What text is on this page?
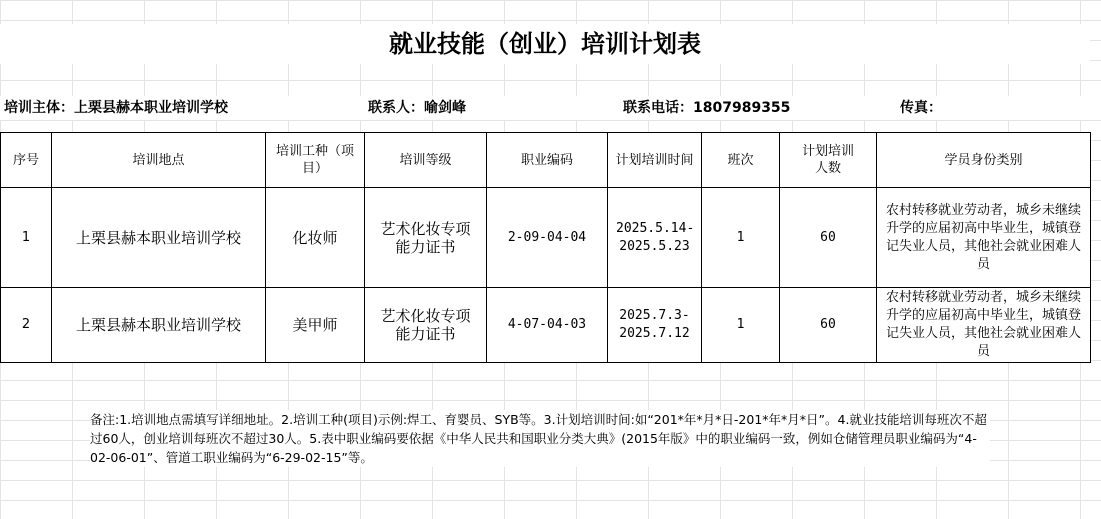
就业技能（创业）培训计划表
培训主体：上栗县赫本职业培训学校	联系人：喻剑峰	联系电话：1807989355	传真：
序号	培训地点	培训工种（项目）	培训等级	职业编码	计划培训时间	班次	计划培训人数	学员身份类别
1	上栗县赫本职业培训学校	化妆师	艺术化妆专项能力证书	2-09-04-04	2025.5.14-2025.5.23	1	60	农村转移就业劳动者，城乡未继续升学的应届初高中毕业生，城镇登记失业人员，其他社会就业困难人员
2	上栗县赫本职业培训学校	美甲师	艺术化妆专项能力证书	4-07-04-03	2025.7.3-2025.7.12	1	60	农村转移就业劳动者，城乡未继续升学的应届初高中毕业生，城镇登记失业人员，其他社会就业困难人员

备注:1.培训地点需填写详细地址。2.培训工种(项目)示例:焊工、育婴员、SYB等。3.计划培训时间:如“201*年*月*日-201*年*月*日”。4.就业技能培训每班次不超过60人，创业培训每班次不超过30人。5.表中职业编码要依据《中华人民共和国职业分类大典》(2015年版》中的职业编码一致，例如仓储管理员职业编码为“4-02-06-01”、管道工职业编码为“6-29-02-15”等。
